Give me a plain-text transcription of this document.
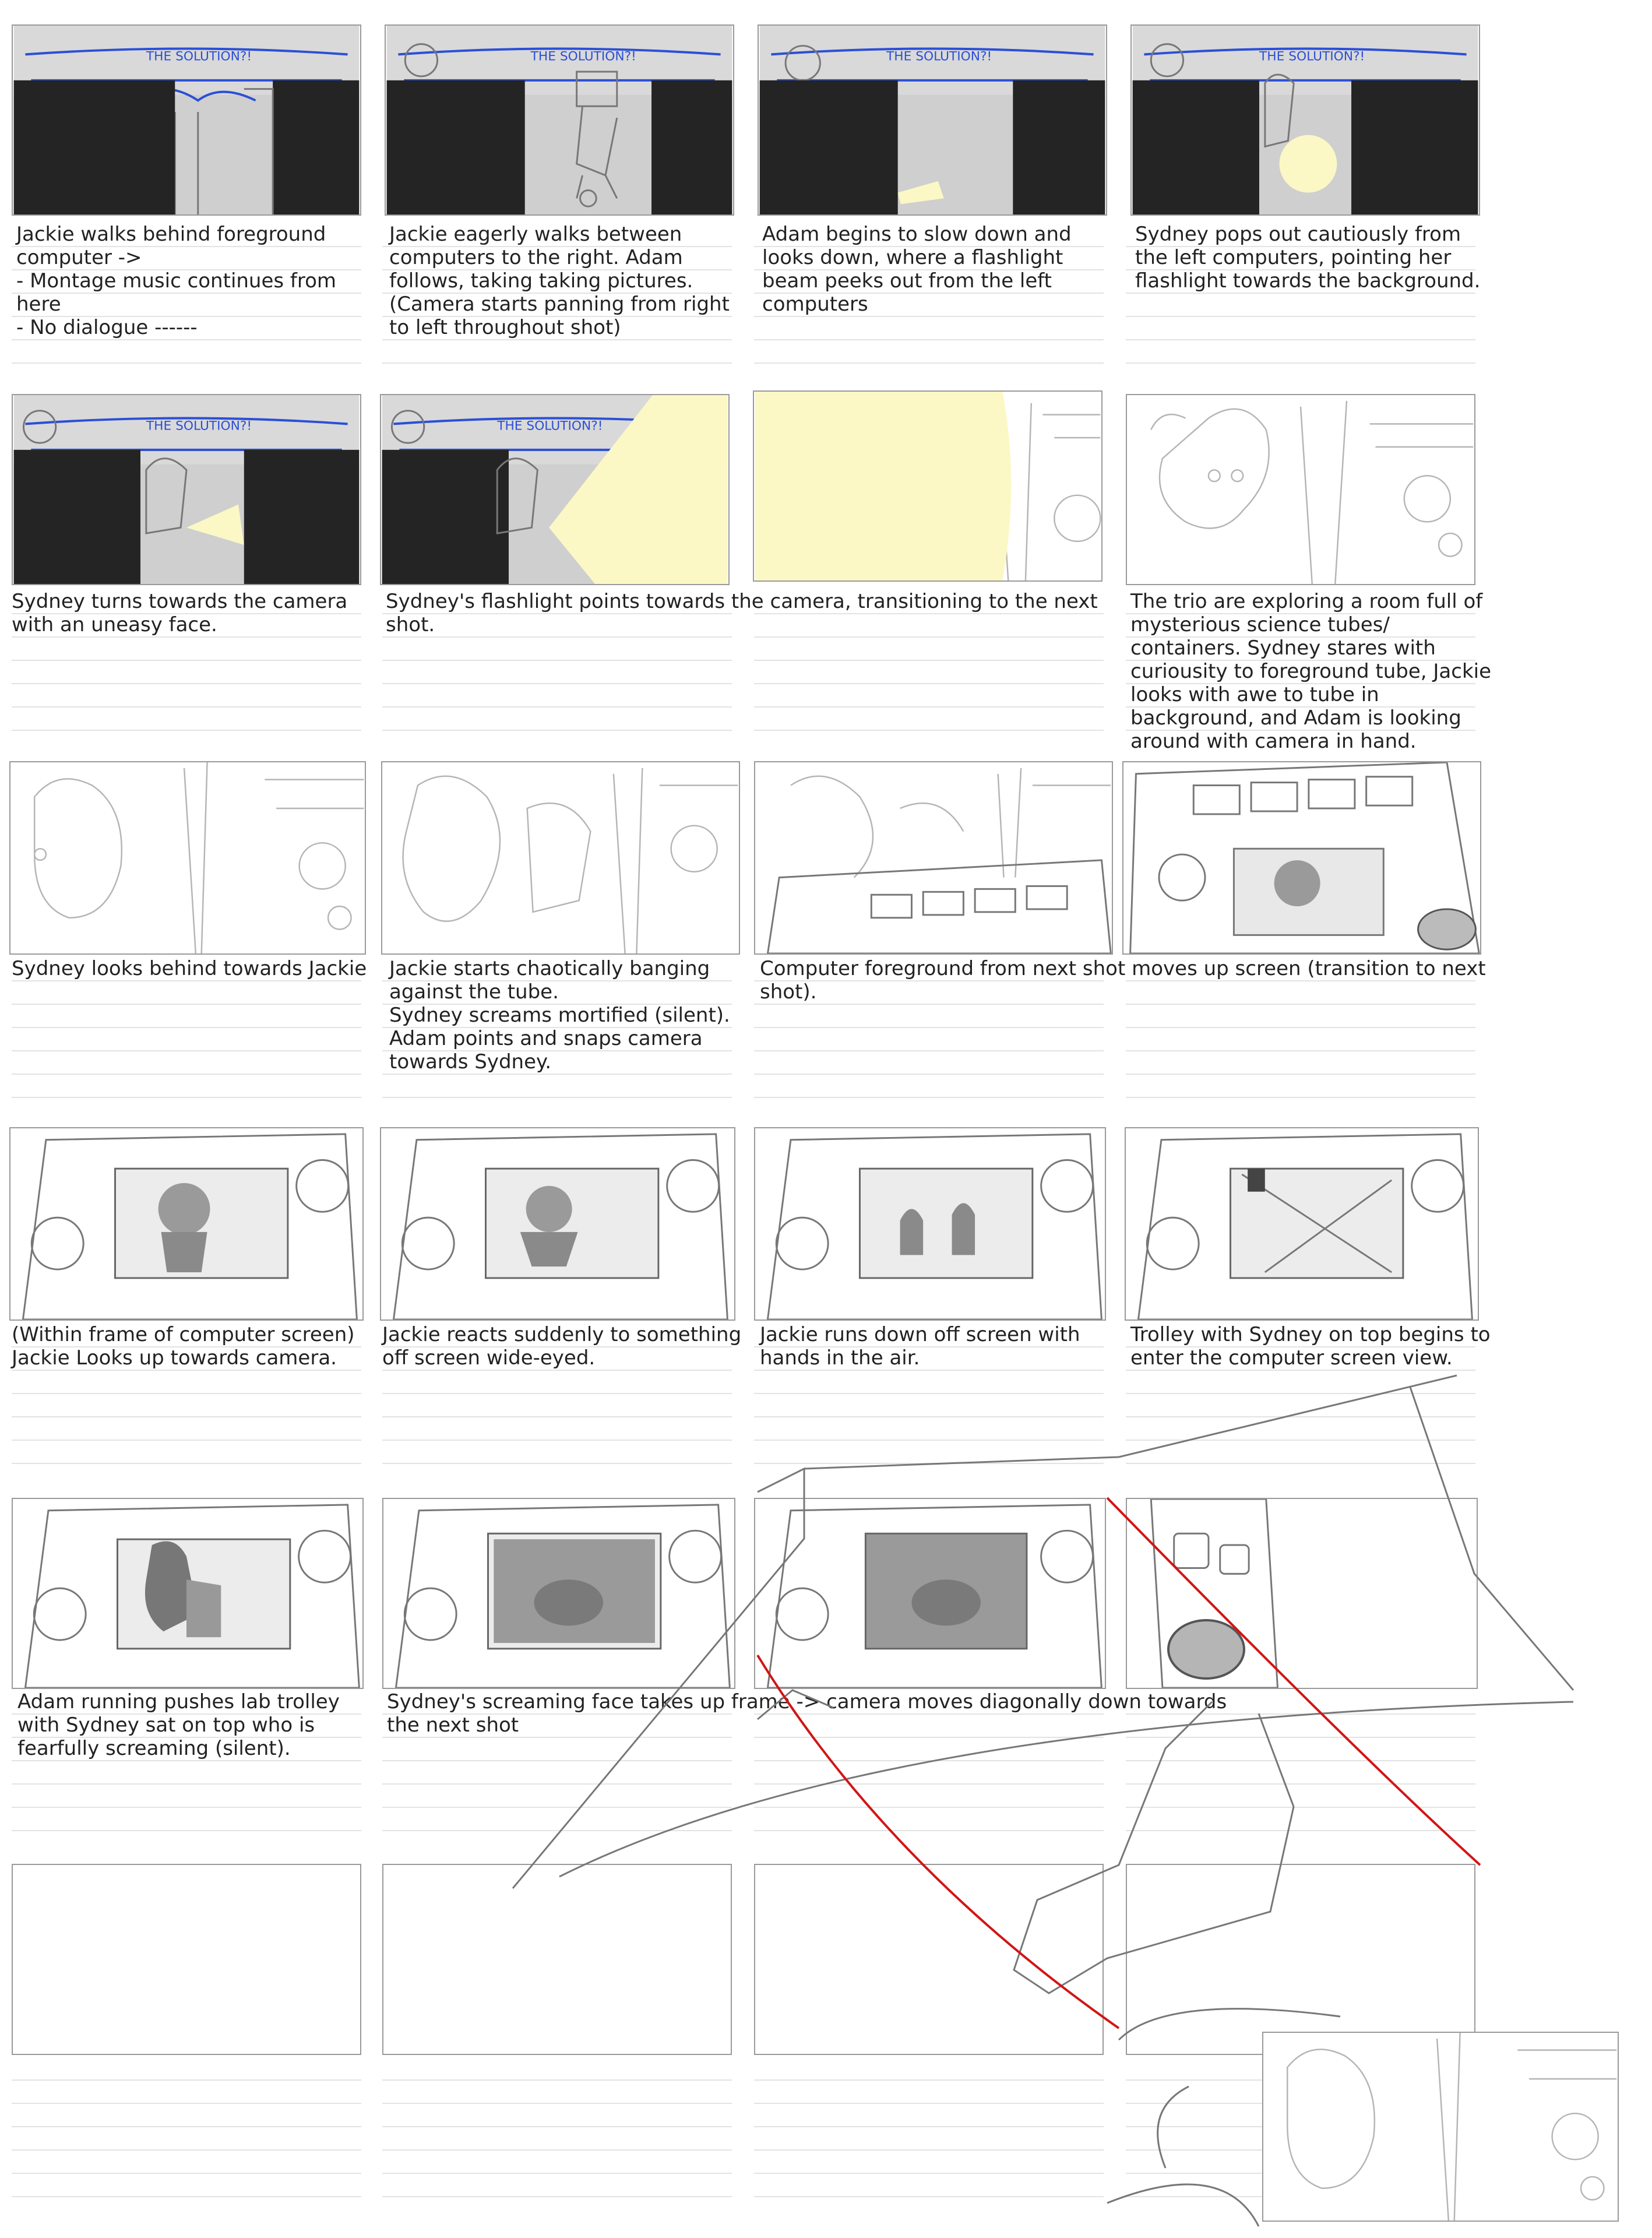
THE SOLUTION?!
Jackie walks behind foreground computer ->
- Montage music continues from here
- No dialogue ------
THE SOLUTION?!
Jackie eagerly walks between computers to the right. Adam follows, taking taking pictures.
(Camera starts panning from right to left throughout shot)
THE SOLUTION?!
Adam begins to slow down and looks down, where a flashlight beam peeks out from the left computers
THE SOLUTION?!
Sydney pops out cautiously from the left computers, pointing her flashlight towards the background.
THE SOLUTION?!
Sydney turns towards the camera with an uneasy face.
THE SOLUTION?!
Sydney's flashlight points towards the camera, transitioning to the next shot.
The trio are exploring a room full of mysterious science tubes/ containers. Sydney stares with curiousity to foreground tube, Jackie looks with awe to tube in background, and Adam is looking around with camera in hand.
Sydney looks behind towards Jackie	Jackie starts chaotically banging against the tube.
Sydney screams mortified (silent).
Adam points and snaps camera towards Sydney.
Computer foreground from next shot moves up screen (transition to next shot).
(Within frame of computer screen) Jackie Looks up towards camera.
Jackie reacts suddenly to something off screen wide-eyed.
Jackie runs down off screen with hands in the air.
Trolley with Sydney on top begins to enter the computer screen view.
Adam running pushes lab trolley with Sydney sat on top who is fearfully screaming (silent).
Sydney's screaming face takes up frame -> camera moves diagonally down towards the next shot
